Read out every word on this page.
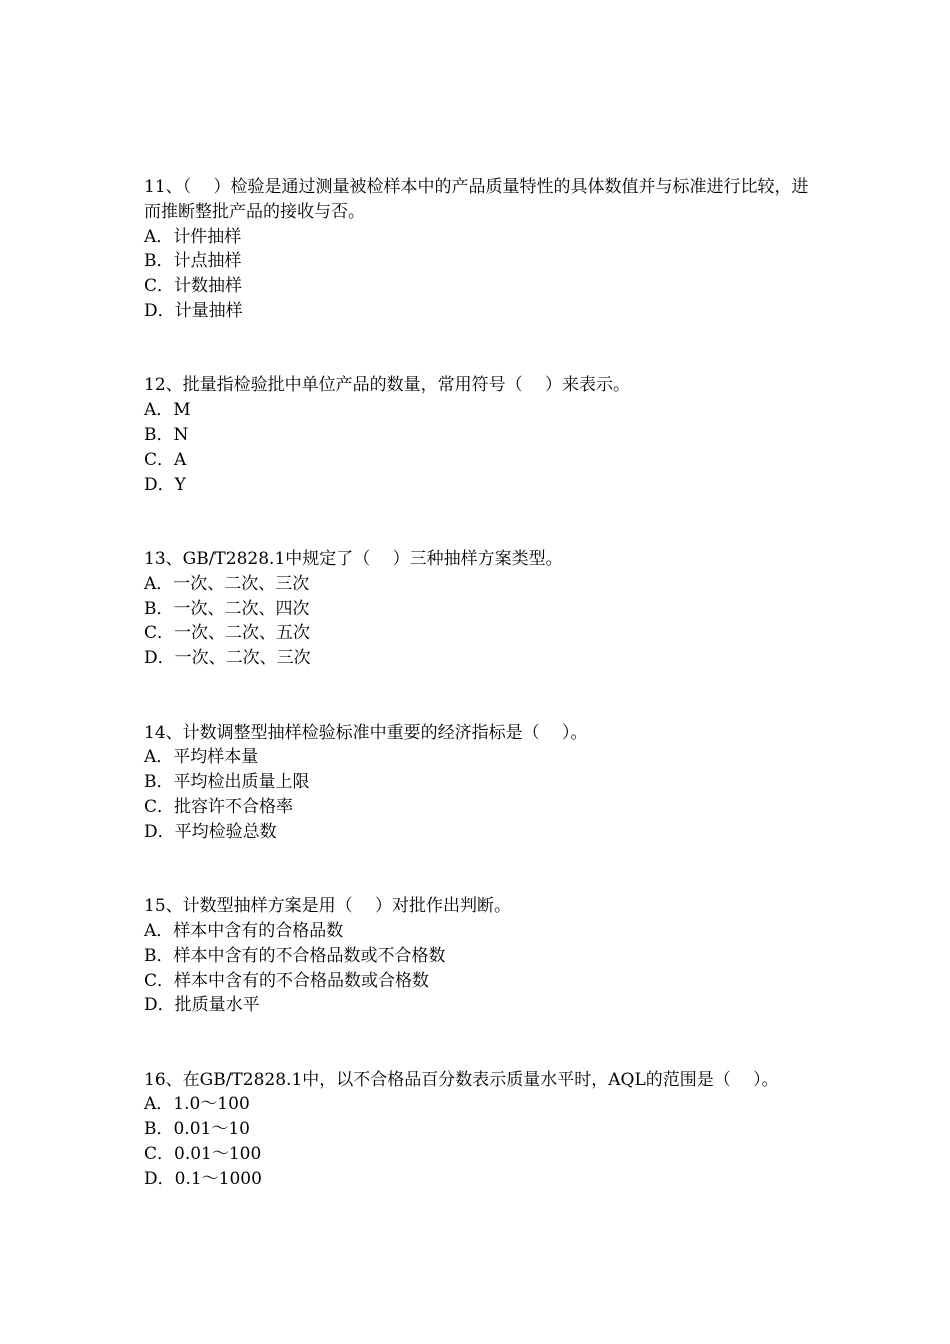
11、（　 ）检验是通过测量被检样本中的产品质量特性的具体数值并与标准进行比较，进而推断整批产品的接收与否。

A．计件抽样
B．计点抽样
C．计数抽样
D．计量抽样

12、批量指检验批中单位产品的数量，常用符号（　 ）来表示。

A．M
B．N
C．A
D．Y

13、GB/T2828.1中规定了（　 ）三种抽样方案类型。

A．一次、二次、三次
B．一次、二次、四次
C．一次、二次、五次
D．一次、二次、三次

14、计数调整型抽样检验标准中重要的经济指标是（　 ）。

A．平均样本量
B．平均检出质量上限
C．批容许不合格率
D．平均检验总数

15、计数型抽样方案是用（　 ）对批作出判断。

A．样本中含有的合格品数
B．样本中含有的不合格品数或不合格数
C．样本中含有的不合格品数或合格数
D．批质量水平

16、在GB/T2828.1中，以不合格品百分数表示质量水平时，AQL的范围是（　 ）。

A．1.0～100
B．0.01～10
C．0.01～100
D．0.1～1000
